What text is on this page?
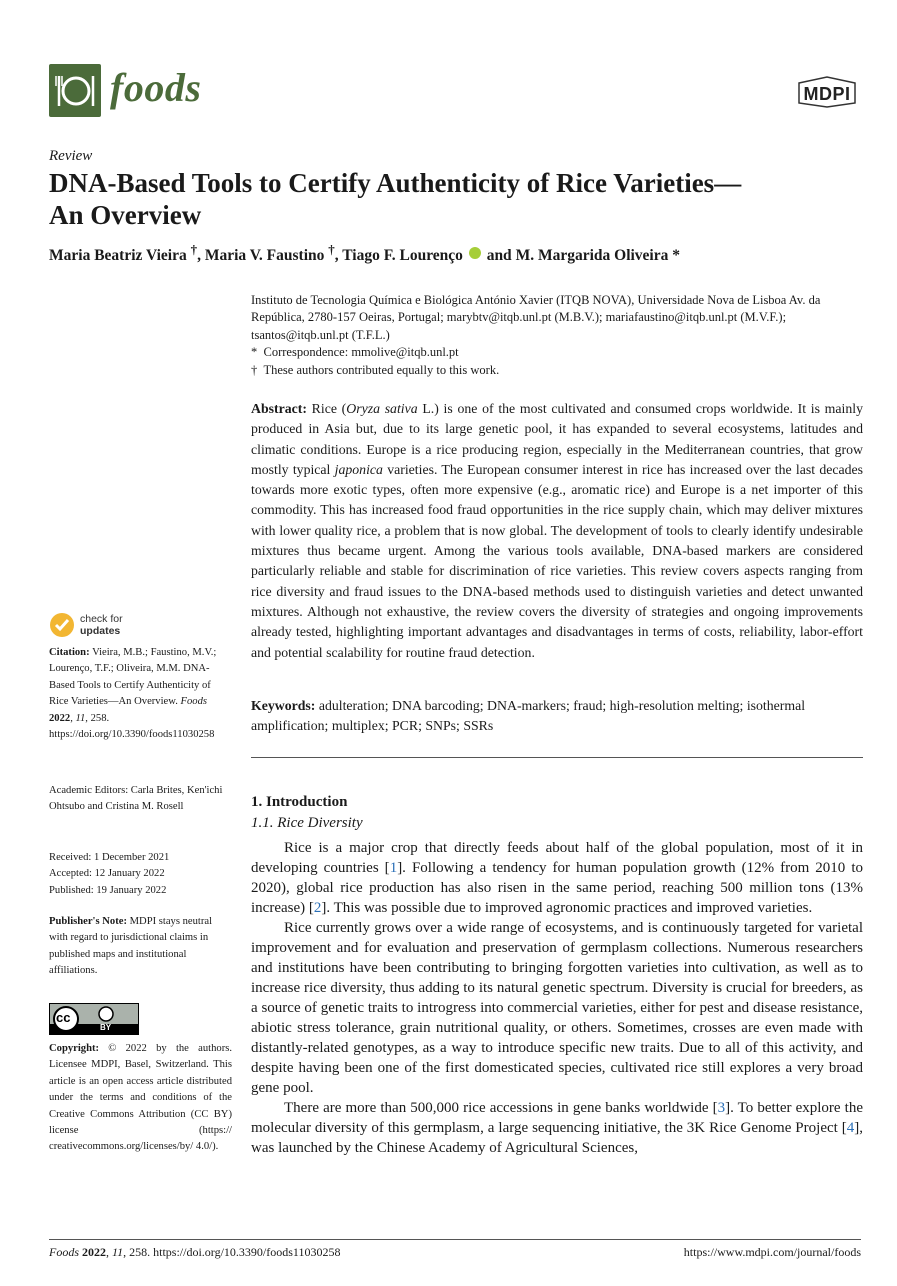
foods	MDPI
Review
DNA-Based Tools to Certify Authenticity of Rice Varieties—An Overview
Maria Beatriz Vieira †, Maria V. Faustino †, Tiago F. Lourenço and M. Margarida Oliveira *
Instituto de Tecnologia Química e Biológica António Xavier (ITQB NOVA), Universidade Nova de Lisboa Av. da República, 2780-157 Oeiras, Portugal; marybtv@itqb.unl.pt (M.B.V.); mariafaustino@itqb.unl.pt (M.V.F.); tsantos@itqb.unl.pt (T.F.L.)
* Correspondence: mmolive@itqb.unl.pt
† These authors contributed equally to this work.
Abstract: Rice (Oryza sativa L.) is one of the most cultivated and consumed crops worldwide. It is mainly produced in Asia but, due to its large genetic pool, it has expanded to several ecosystems, latitudes and climatic conditions. Europe is a rice producing region, especially in the Mediterranean countries, that grow mostly typical japonica varieties. The European consumer interest in rice has increased over the last decades towards more exotic types, often more expensive (e.g., aromatic rice) and Europe is a net importer of this commodity. This has increased food fraud opportunities in the rice supply chain, which may deliver mixtures with lower quality rice, a problem that is now global. The development of tools to clearly identify undesirable mixtures thus became urgent. Among the various tools available, DNA-based markers are considered particularly reliable and stable for discrimination of rice varieties. This review covers aspects ranging from rice diversity and fraud issues to the DNA-based methods used to distinguish varieties and detect unwanted mixtures. Although not exhaustive, the review covers the diversity of strategies and ongoing improvements already tested, highlighting important advantages and disadvantages in terms of costs, reliability, labor-effort and potential scalability for routine fraud detection.
Keywords: adulteration; DNA barcoding; DNA-markers; fraud; high-resolution melting; isothermal amplification; multiplex; PCR; SNPs; SSRs
1. Introduction
1.1. Rice Diversity

Rice is a major crop that directly feeds about half of the global population, most of it in developing countries [1]. Following a tendency for human population growth (12% from 2010 to 2020), global rice production has also risen in the same period, reaching 500 million tons (13% increase) [2]. This was possible due to improved agronomic practices and improved varieties.

Rice currently grows over a wide range of ecosystems, and is continuously targeted for varietal improvement and for evaluation and preservation of germplasm collections. Numerous researchers and institutions have been contributing to bringing forgotten varieties into cultivation, as well as to increase rice diversity, thus adding to its natural genetic spectrum. Diversity is crucial for breeders, as a source of genetic traits to introgress into commercial varieties, either for pest and disease resistance, abiotic stress tolerance, grain nutritional quality, or others. Sometimes, crosses are even made with distantly-related genotypes, as a way to introduce specific new traits. Due to all of this activity, and despite having been one of the first domesticated species, cultivated rice still explores a very broad gene pool.

There are more than 500,000 rice accessions in gene banks worldwide [3]. To better explore the molecular diversity of this germplasm, a large sequencing initiative, the 3K Rice Genome Project [4], was launched by the Chinese Academy of Agricultural Sciences,

check for
updates
Citation: Vieira, M.B.; Faustino, M.V.; Lourenço, T.F.; Oliveira, M.M. DNA-Based Tools to Certify Authenticity of Rice Varieties—An Overview. Foods 2022, 11, 258. https://doi.org/10.3390/foods11030258
Academic Editors: Carla Brites, Ken'ichi Ohtsubo and Cristina M. Rosell
Received: 1 December 2021
Accepted: 12 January 2022
Published: 19 January 2022
Publisher's Note: MDPI stays neutral with regard to jurisdictional claims in published maps and institutional affiliations.
cc
BY
Copyright: © 2022 by the authors. Licensee MDPI, Basel, Switzerland. This article is an open access article distributed under the terms and conditions of the Creative Commons Attribution (CC BY) license (https:// creativecommons.org/licenses/by/ 4.0/).
Foods 2022, 11, 258. https://doi.org/10.3390/foods11030258	https://www.mdpi.com/journal/foods
